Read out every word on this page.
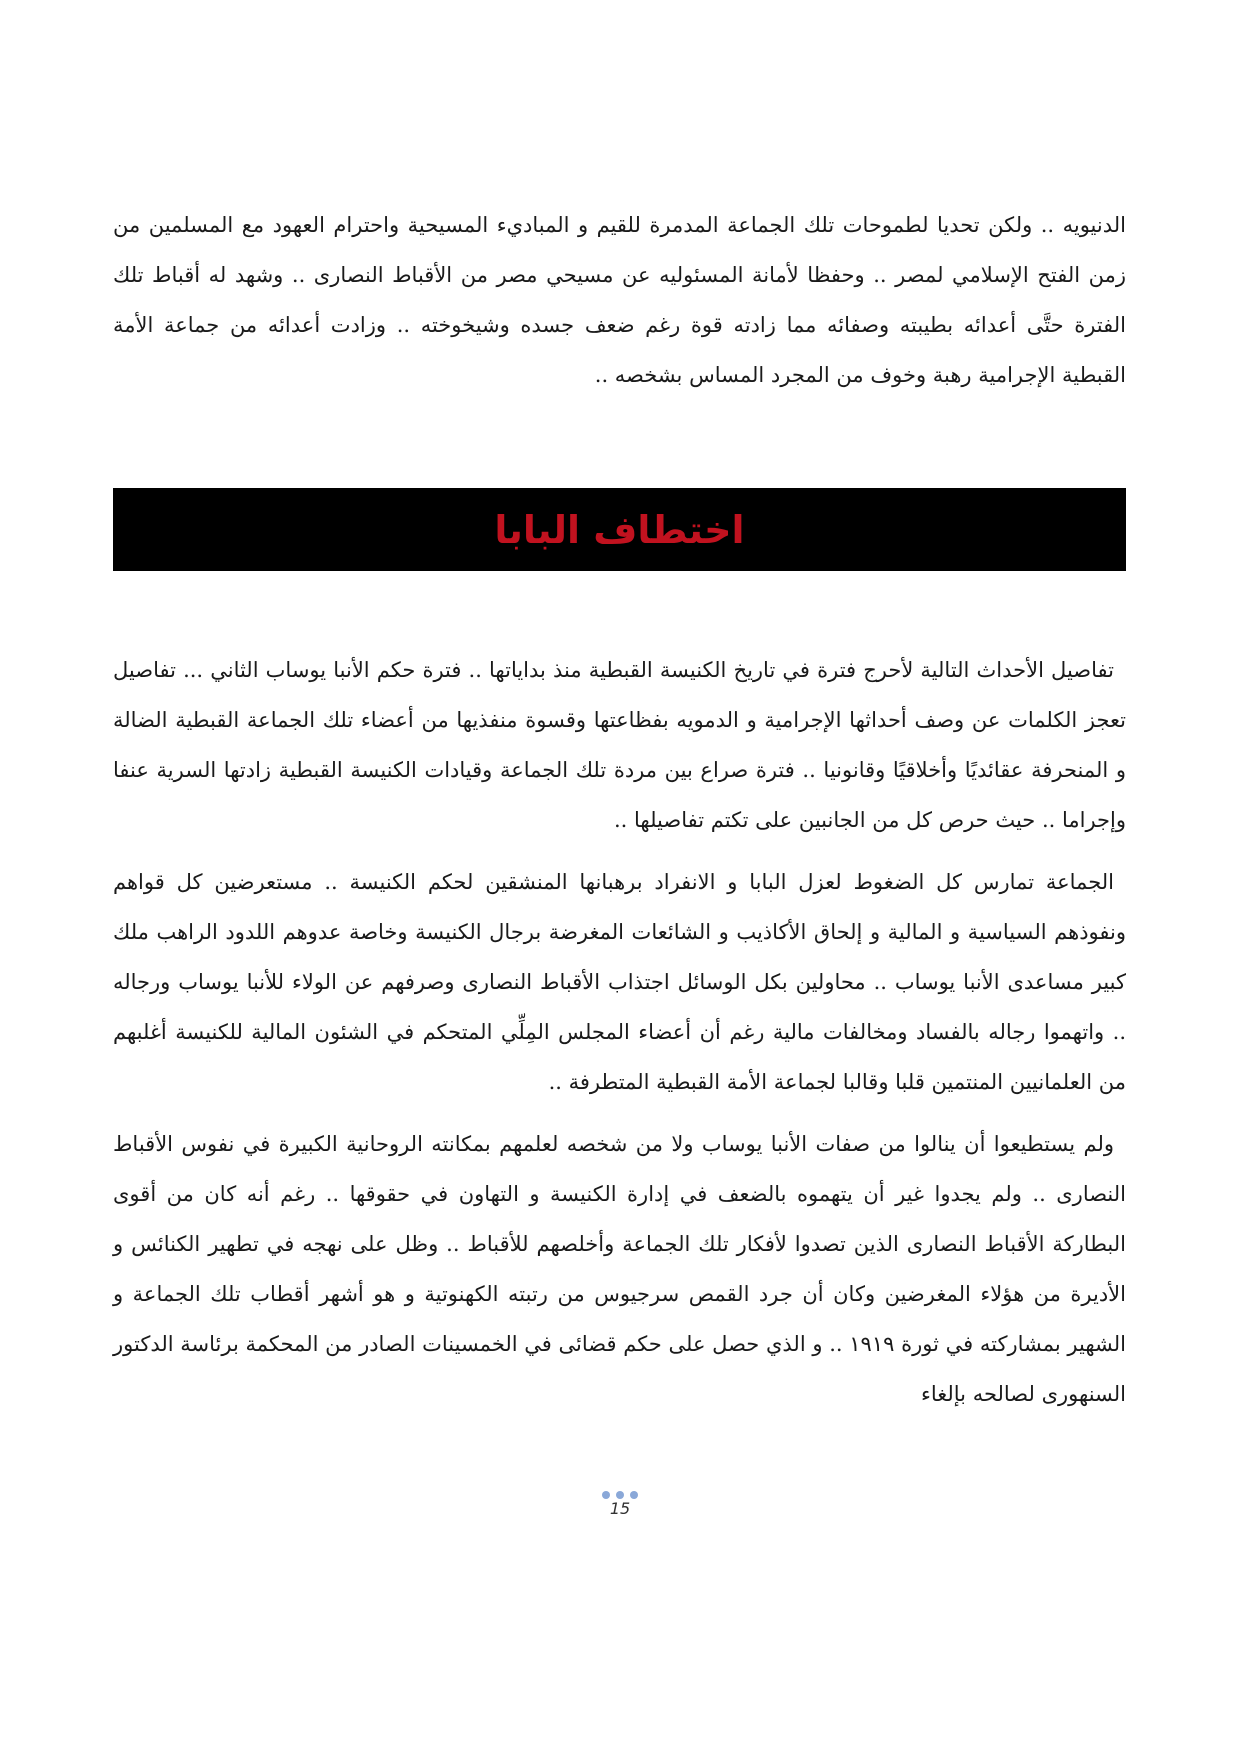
الدنيويه .. ولكن تحديا لطموحات تلك الجماعة المدمرة للقيم و المباديء المسيحية واحترام العهود مع المسلمين من زمن الفتح الإسلامي لمصر .. وحفظا لأمانة المسئوليه عن مسيحي مصر من الأقباط النصارى .. وشهد له أقباط تلك الفترة حتَّى أعدائه بطيبته وصفائه مما زادته قوة رغم ضعف جسده وشيخوخته .. وزادت أعدائه من جماعة الأمة القبطية الإجرامية رهبة وخوف من المجرد المساس بشخصه ..

اختطاف البابا

تفاصيل الأحداث التالية لأحرج فترة في تاريخ الكنيسة القبطية منذ بداياتها .. فترة حكم الأنبا يوساب الثاني ... تفاصيل تعجز الكلمات عن وصف أحداثها الإجرامية و الدمويه بفظاعتها وقسوة منفذيها من أعضاء تلك الجماعة القبطية الضالة و المنحرفة عقائديًا وأخلاقيًا وقانونيا .. فترة صراع بين مردة تلك الجماعة وقيادات الكنيسة القبطية زادتها السرية عنفا وإجراما .. حيث حرص كل من الجانبين على تكتم تفاصيلها ..

الجماعة تمارس كل الضغوط لعزل البابا و الانفراد برهبانها المنشقين لحكم الكنيسة .. مستعرضين كل قواهم ونفوذهم السياسية و المالية و إلحاق الأكاذيب و الشائعات المغرضة برجال الكنيسة وخاصة عدوهم اللدود الراهب ملك كبير مساعدى الأنبا يوساب .. محاولين بكل الوسائل اجتذاب الأقباط النصارى وصرفهم عن الولاء للأنبا يوساب ورجاله .. واتهموا رجاله بالفساد ومخالفات مالية رغم أن أعضاء المجلس المِلِّي المتحكم في الشئون المالية للكنيسة أغلبهم من العلمانيين المنتمين قلبا وقالبا لجماعة الأمة القبطية المتطرفة ..

ولم يستطيعوا أن ينالوا من صفات الأنبا يوساب ولا من شخصه لعلمهم بمكانته الروحانية الكبيرة في نفوس الأقباط النصارى .. ولم يجدوا غير أن يتهموه بالضعف في إدارة الكنيسة و التهاون في حقوقها .. رغم أنه كان من أقوى البطاركة الأقباط النصارى الذين تصدوا لأفكار تلك الجماعة وأخلصهم للأقباط .. وظل على نهجه في تطهير الكنائس و الأديرة من هؤلاء المغرضين وكان أن جرد القمص سرجيوس من رتبته الكهنوتية و هو أشهر أقطاب تلك الجماعة و الشهير بمشاركته في ثورة ١٩١٩ .. و الذي حصل على حكم قضائى في الخمسينات الصادر من المحكمة برئاسة الدكتور السنهورى لصالحه بإلغاء

15
